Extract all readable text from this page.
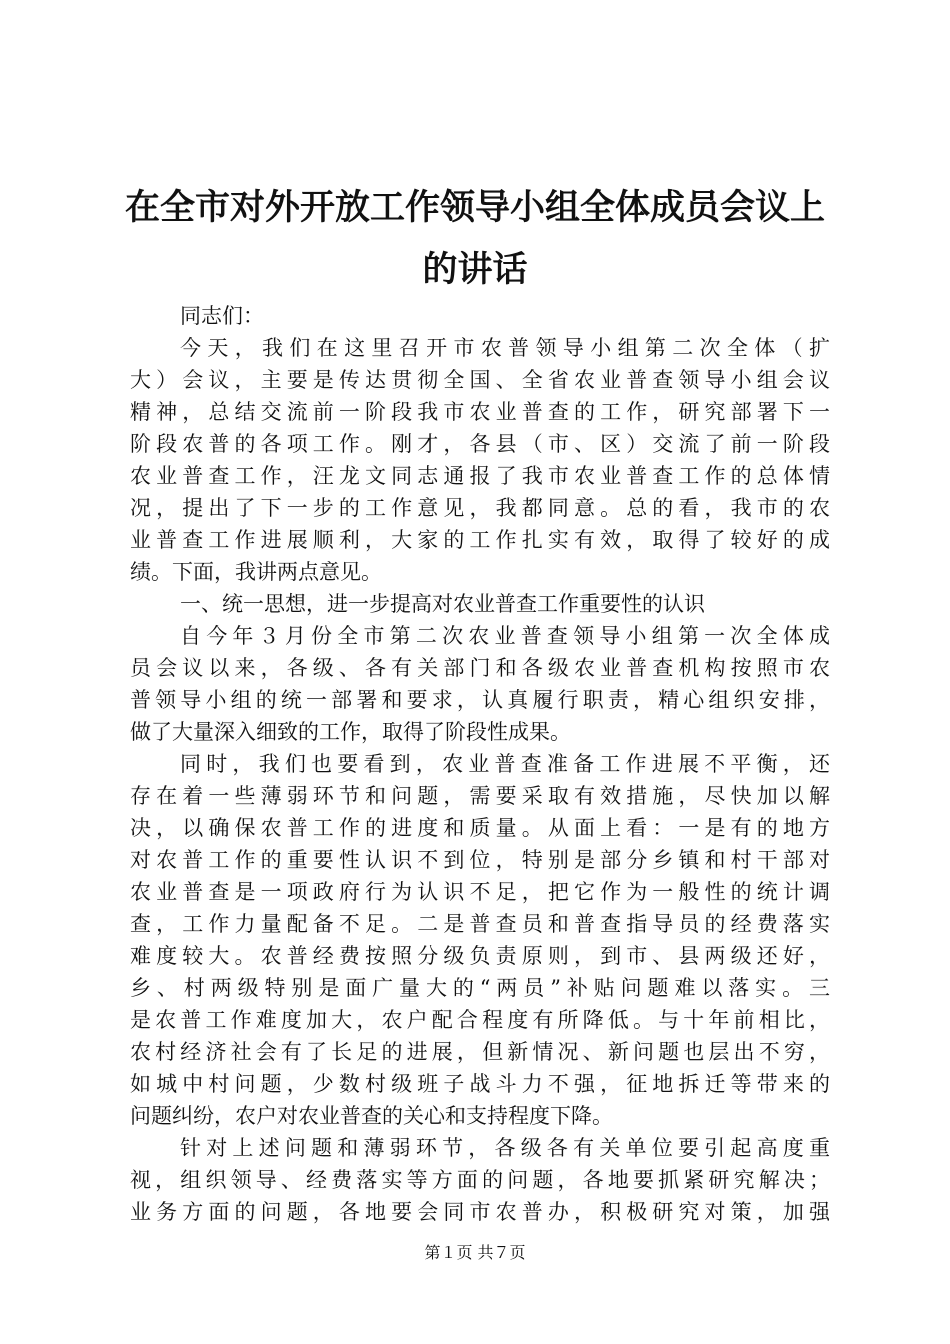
在全市对外开放工作领导小组全体成员会议上
的讲话
同志们：
今天，我们在这里召开市农普领导小组第二次全体（扩
大）会议，主要是传达贯彻全国、全省农业普查领导小组会议
精神，总结交流前一阶段我市农业普查的工作，研究部署下一
阶段农普的各项工作。刚才，各县（市、区）交流了前一阶段
农业普查工作，汪龙文同志通报了我市农业普查工作的总体情
况，提出了下一步的工作意见，我都同意。总的看，我市的农
业普查工作进展顺利，大家的工作扎实有效，取得了较好的成
绩。下面，我讲两点意见。
一、统一思想，进一步提高对农业普查工作重要性的认识
自今年３月份全市第二次农业普查领导小组第一次全体成
员会议以来，各级、各有关部门和各级农业普查机构按照市农
普领导小组的统一部署和要求，认真履行职责，精心组织安排，
做了大量深入细致的工作，取得了阶段性成果。
同时，我们也要看到，农业普查准备工作进展不平衡，还
存在着一些薄弱环节和问题，需要采取有效措施，尽快加以解
决，以确保农普工作的进度和质量。从面上看：一是有的地方
对农普工作的重要性认识不到位，特别是部分乡镇和村干部对
农业普查是一项政府行为认识不足，把它作为一般性的统计调
查，工作力量配备不足。二是普查员和普查指导员的经费落实
难度较大。农普经费按照分级负责原则，到市、县两级还好，
乡、村两级特别是面广量大的“两员”补贴问题难以落实。三
是农普工作难度加大，农户配合程度有所降低。与十年前相比，
农村经济社会有了长足的进展，但新情况、新问题也层出不穷，
如城中村问题，少数村级班子战斗力不强，征地拆迁等带来的
问题纠纷，农户对农业普查的关心和支持程度下降。
针对上述问题和薄弱环节，各级各有关单位要引起高度重
视，组织领导、经费落实等方面的问题，各地要抓紧研究解决；
业务方面的问题，各地要会同市农普办，积极研究对策，加强
第１页 共７页
